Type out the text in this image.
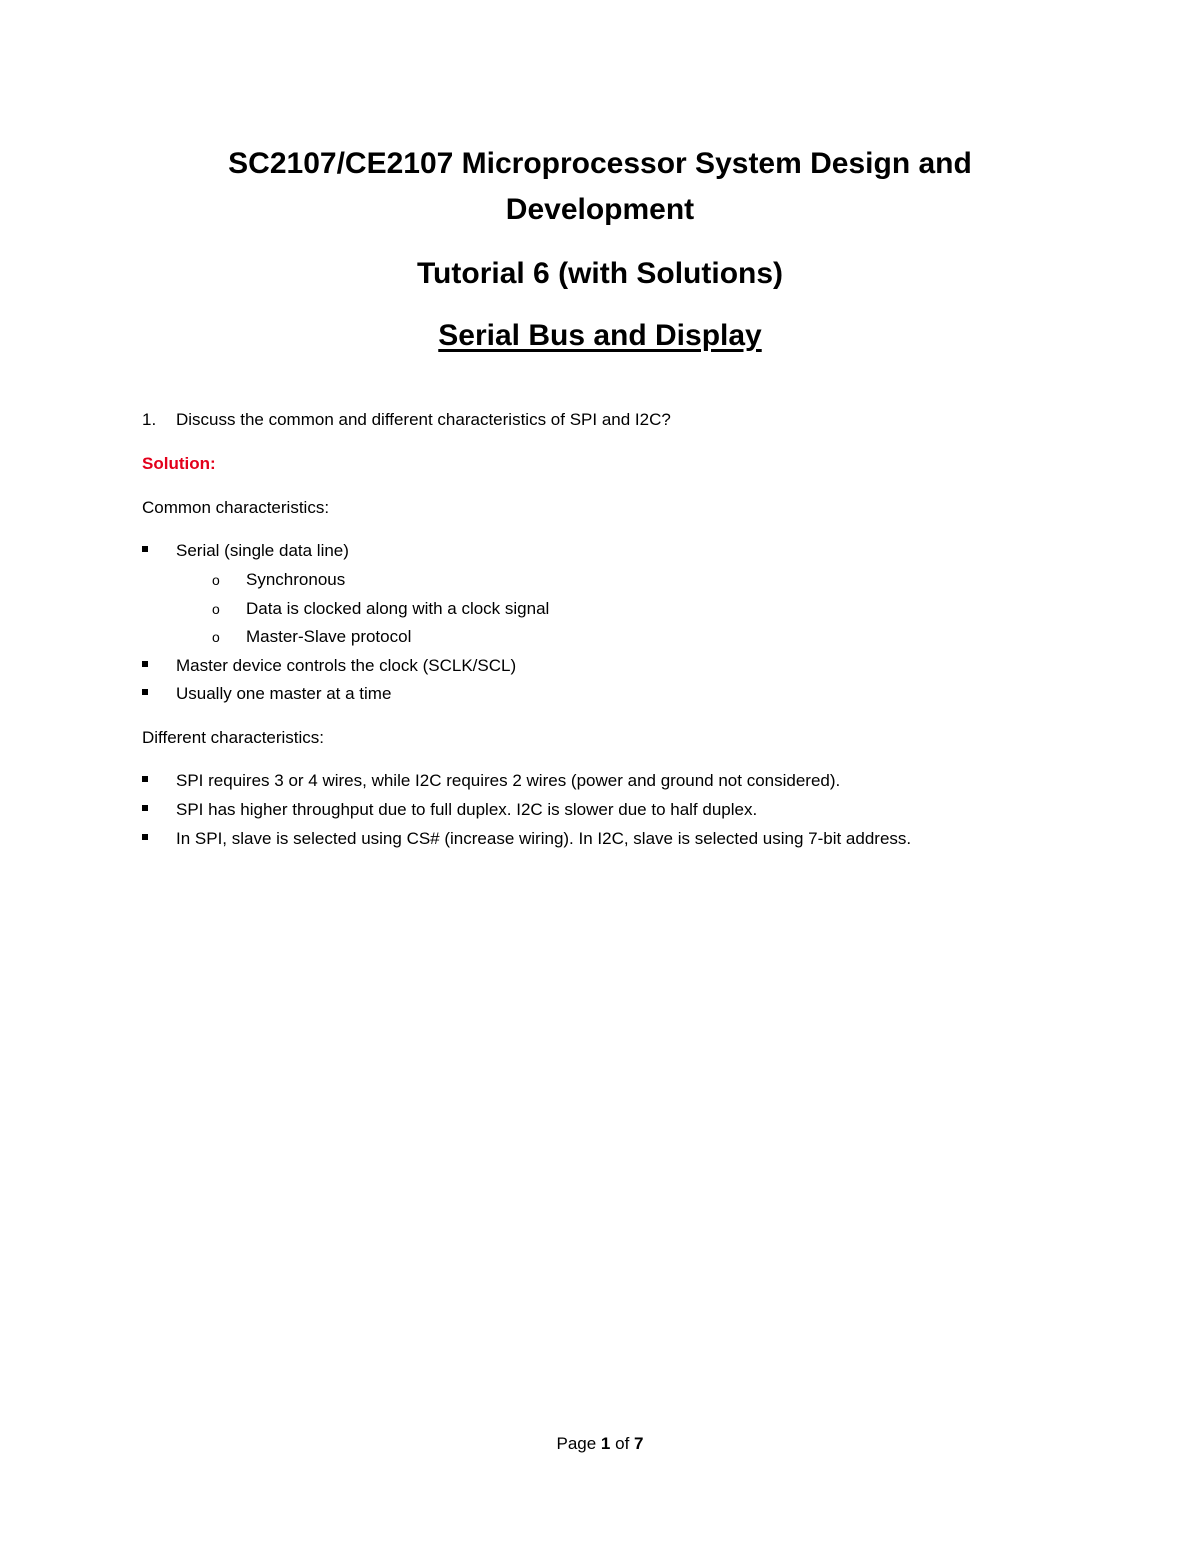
SC2107/CE2107 Microprocessor System Design and
Development
Tutorial 6 (with Solutions)
Serial Bus and Display

1. Discuss the common and different characteristics of SPI and I2C?

Solution:

Common characteristics:

Serial (single data line)
o Synchronous
o Data is clocked along with a clock signal
o Master-Slave protocol
Master device controls the clock (SCLK/SCL)
Usually one master at a time

Different characteristics:

SPI requires 3 or 4 wires, while I2C requires 2 wires (power and ground not considered).
SPI has higher throughput due to full duplex. I2C is slower due to half duplex.
In SPI, slave is selected using CS# (increase wiring). In I2C, slave is selected using 7-bit address.
Page 1 of 7
